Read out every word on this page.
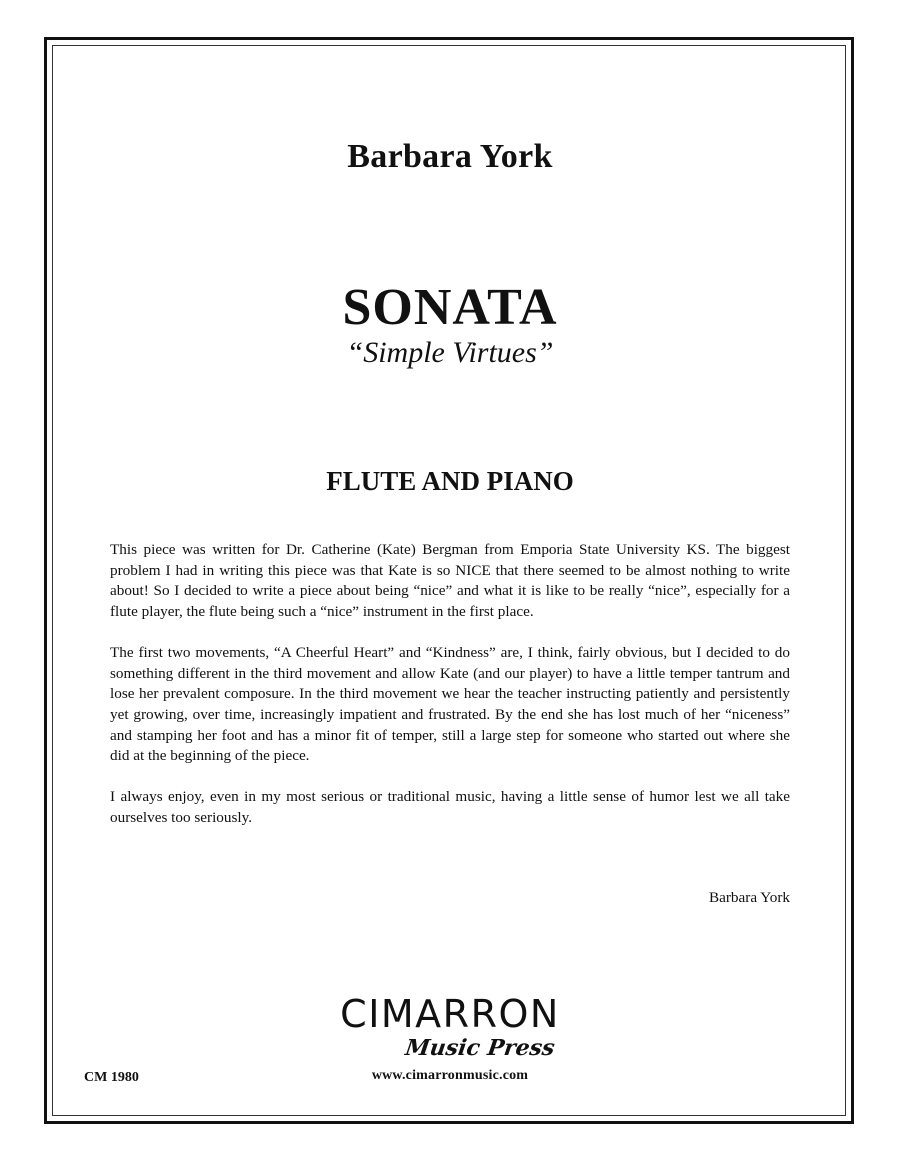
Barbara York
SONATA
“Simple Virtues”
FLUTE AND PIANO

This piece was written for Dr. Catherine (Kate) Bergman from Emporia State University KS. The biggest problem I had in writing this piece was that Kate is so NICE that there seemed to be almost nothing to write about! So I decided to write a piece about being “nice” and what it is like to be really “nice”, especially for a flute player, the flute being such a “nice” instrument in the first place.

The first two movements, “A Cheerful Heart” and “Kindness” are, I think, fairly obvious, but I decided to do something different in the third movement and allow Kate (and our player) to have a little temper tantrum and lose her prevalent composure. In the third movement we hear the teacher instructing patiently and persistently yet growing, over time, increasingly impatient and frustrated. By the end she has lost much of her “niceness” and stamping her foot and has a minor fit of temper, still a large step for someone who started out where she did at the beginning of the piece.

I always enjoy, even in my most serious or traditional music, having a little sense of humor lest we all take ourselves too seriously.

Barbara York
CIMARRON
Music Press
www.cimarronmusic.com
CM 1980
